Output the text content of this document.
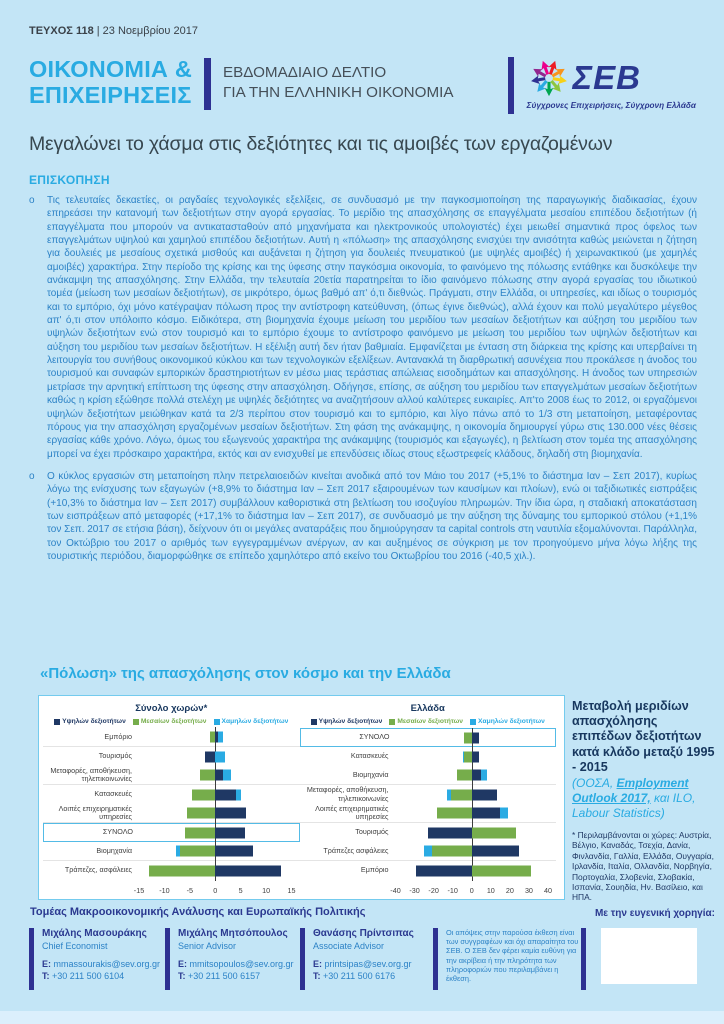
ΤΕΥΧΟΣ 118 | 23 Νοεμβρίου 2017
ΟΙΚΟΝΟΜΙΑ &
ΕΠΙΧΕΙΡΗΣΕΙΣ
ΕΒΔΟΜΑΔΙΑΙΟ ΔΕΛΤΙΟ
ΓΙΑ ΤΗΝ ΕΛΛΗΝΙΚΗ ΟΙΚΟΝΟΜΙΑ	ΣΕΒ
Σύγχρονες Επιχειρήσεις, Σύγχρονη Ελλάδα
Μεγαλώνει το χάσμα στις δεξιότητες και τις αμοιβές των εργαζομένων
ΕΠΙΣΚΟΠΗΣΗ
o	Τις τελευταίες δεκαετίες, οι ραγδαίες τεχνολογικές εξελίξεις, σε συνδυασμό με την παγκοσμιοποίηση της παραγωγικής διαδικασίας, έχουν επηρεάσει την κατανομή των δεξιοτήτων στην αγορά εργασίας. Το μερίδιο της απασχόλησης σε επαγγέλματα μεσαίου επιπέδου δεξιοτήτων (ή επαγγέλματα που μπορούν να αντικατασταθούν από μηχανήματα και ηλεκτρονικούς υπολογιστές) έχει μειωθεί σημαντικά προς όφελος των επαγγελμάτων υψηλού και χαμηλού επιπέδου δεξιοτήτων. Αυτή η «πόλωση» της απασχόλησης ενισχύει την ανισότητα καθώς μειώνεται η ζήτηση για δουλειές με μεσαίους σχετικά μισθούς και αυξάνεται η ζήτηση για δουλειές πνευματικού (με υψηλές αμοιβές) ή χειρωνακτικού (με χαμηλές αμοιβές) χαρακτήρα. Στην περίοδο της κρίσης και της ύφεσης στην παγκόσμια οικονομία, το φαινόμενο της πόλωσης εντάθηκε και δυσκόλεψε την ανάκαμψη της απασχόλησης. Στην Ελλάδα, την τελευταία 20ετία παρατηρείται το ίδιο φαινόμενο πόλωσης στην αγορά εργασίας του ιδιωτικού τομέα (μείωση των μεσαίων δεξιοτήτων), σε μικρότερο, όμως βαθμό απ' ό,τι διεθνώς. Πράγματι, στην Ελλάδα, οι υπηρεσίες, και ιδίως ο τουρισμός και το εμπόριο, όχι μόνο κατέγραψαν πόλωση προς την αντίστροφη κατεύθυνση, (όπως έγινε διεθνώς), αλλά έχουν και πολύ μεγαλύτερο μέγεθος απ' ό,τι στον υπόλοιπο κόσμο. Ειδικότερα, στη βιομηχανία έχουμε μείωση του μεριδίου των μεσαίων δεξιοτήτων και αύξηση του μεριδίου των υψηλών δεξιοτήτων ενώ στον τουρισμό και το εμπόριο έχουμε το αντίστροφο φαινόμενο με μείωση του μεριδίου των υψηλών δεξιοτήτων και αύξηση του μεριδίου των μεσαίων δεξιοτήτων. Η εξέλιξη αυτή δεν ήταν βαθμιαία. Εμφανίζεται με ένταση στη διάρκεια της κρίσης και υπερβαίνει τη λειτουργία του συνήθους οικονομικού κύκλου και των τεχνολογικών εξελίξεων. Αντανακλά τη διαρθρωτική ασυνέχεια που προκάλεσε η άνοδος του τουρισμού και συναφών εμπορικών δραστηριοτήτων εν μέσω μιας τεράστιας απώλειας εισοδημάτων και απασχόλησης. Η άνοδος των υπηρεσιών μετρίασε την αρνητική επίπτωση της ύφεσης στην απασχόληση. Οδήγησε, επίσης, σε αύξηση του μεριδίου των επαγγελμάτων μεσαίων δεξιοτήτων καθώς η κρίση εξώθησε πολλά στελέχη με υψηλές δεξιότητες να αναζητήσουν αλλού καλύτερες ευκαιρίες. Απ'το 2008 έως το 2012, οι εργαζόμενοι υψηλών δεξιοτήτων μειώθηκαν κατά τα 2/3 περίπου στον τουρισμό και το εμπόριο, και λίγο πάνω από το 1/3 στη μεταποίηση, μεταφέροντας πόρους για την απασχόληση εργαζομένων μεσαίων δεξιοτήτων. Στη φάση της ανάκαμψης, η οικονομία δημιουργεί γύρω στις 130.000 νέες θέσεις εργασίας κάθε χρόνο. Λόγω, όμως του εξωγενούς χαρακτήρα της ανάκαμψης (τουρισμός και εξαγωγές), η βελτίωση στον τομέα της απασχόλησης μπορεί να έχει πρόσκαιρο χαρακτήρα, εκτός και αν ενισχυθεί με επενδύσεις ιδίως στους εξωστρεφείς κλάδους, δηλαδή στη βιομηχανία.

o	Ο κύκλος εργασιών στη μεταποίηση πλην πετρελαιοειδών κινείται ανοδικά από τον Μάιο του 2017 (+5,1% το διάστημα Ιαν – Σεπ 2017), κυρίως λόγω της ενίσχυσης των εξαγωγών (+8,9% το διάστημα Ιαν – Σεπ 2017 εξαιρουμένων των καυσίμων και πλοίων), ενώ οι ταξιδιωτικές εισπράξεις (+10,3% το διάστημα Ιαν – Σεπ 2017) συμβάλλουν καθοριστικά στη βελτίωση του ισοζυγίου πληρωμών. Την ίδια ώρα, η σταδιακή αποκατάσταση των εισπράξεων από μεταφορές (+17,1% το διάστημα Ιαν – Σεπ 2017), σε συνδυασμό με την αύξηση της δύναμης του εμπορικού στόλου (+1,1% τον Σεπ. 2017 σε ετήσια βάση), δείχνουν ότι οι μεγάλες αναταράξεις που δημιούργησαν τα capital controls στη ναυτιλία εξομαλύνονται. Παράλληλα, τον Οκτώβριο του 2017 ο αριθμός των εγγεγραμμένων ανέργων, αν και αυξημένος σε σύγκριση με τον προηγούμενο μήνα λόγω λήξης της τουριστικής περιόδου, διαμορφώθηκε σε επίπεδο χαμηλότερο από εκείνο του Οκτωβρίου του 2016 (-40,5 χιλ.).

«Πόλωση» της απασχόλησης στον κόσμο και την Ελλάδα
Σύνολο χωρών*
Υψηλών δεξιοτήτων Μεσαίων δεξιοτήτων Χαμηλών δεξιοτήτων
Εμπόριο
Τουρισμός
Μεταφορές, αποθήκευση, τηλεπικοινωνίες
Κατασκευές
Λοιπές επιχειρηματικές υπηρεσίες
ΣΥΝΟΛΟ
Βιομηχανία
Τράπεζες, ασφάλειες
-15 -10 -5	0	5	10 15
Ελλάδα
Υψηλών δεξιοτήτων Μεσαίων δεξιοτήτων Χαμηλών δεξιοτήτων
ΣΥΝΟΛΟ
Κατασκευές
Βιομηχανία
Μεταφορές, αποθήκευση, τηλεπικοινωνίες
Λοιπές επιχειρηματικές υπηρεσίες
Τουρισμός
Τράπεζες ασφάλειες
Εμπόριο
-40 -30 -20 -10 0 10 20 30 40
Μεταβολή μεριδίων απασχόλησης επιπέδων δεξιοτήτων κατά κλάδο μεταξύ 1995 - 2015
(ΟΟΣΑ, Employment Outlook 2017, και ILO, Labour Statistics)
* Περιλαμβάνονται οι χώρες: Αυστρία, Βέλγιο, Καναδάς, Τσεχία, Δανία, Φινλανδία, Γαλλία, Ελλάδα, Ουγγαρία, Ιρλανδία, Ιταλία, Ολλανδία, Νορβηγία, Πορτογαλία, Σλοβενία, Σλοβακία, Ισπανία, Σουηδία, Ην. Βασίλειο, και ΗΠΑ.
Τομέας Μακροοικονομικής Ανάλυσης και Ευρωπαϊκής Πολιτικής	Με την ευγενική χορηγία:
Μιχάλης Μασουράκης
Chief Economist
E: mmassourakis@sev.org.gr
T: +30 211 500 6104
Μιχάλης Μητσόπουλος
Senior Advisor
E: mmitsopoulos@sev.org.gr
T: +30 211 500 6157
Θανάσης Πρίντσιπας
Associate Advisor
E: printsipas@sev.org.gr
T: +30 211 500 6176
Οι απόψεις στην παρούσα έκθεση είναι των συγγραφέων και όχι απαραίτητα του ΣΕΒ. Ο ΣΕΒ δεν φέρει καμία ευθύνη για την ακρίβεια ή την πληρότητα των πληροφοριών που περιλαμβάνει η έκθεση.
